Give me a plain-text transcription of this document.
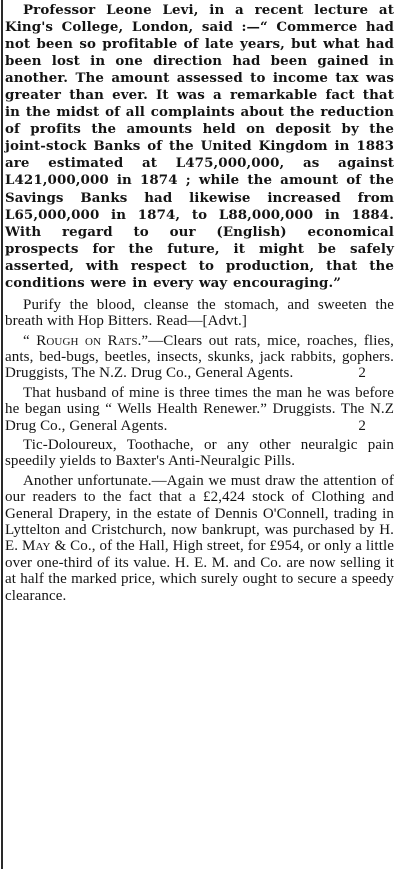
Professor Leone Levi, in a recent lecture at King's College, London, said :—“ Commerce had not been so profitable of late years, but what had been lost in one direction had been gained in another. The amount assessed to income tax was greater than ever. It was a remarkable fact that in the midst of all complaints about the reduction of profits the amounts held on deposit by the joint-stock Banks of the United Kingdom in 1883 are estimated at L475,000,000, as against L421,000,000 in 1874 ; while the amount of the Savings Banks had likewise increased from L65,000,000 in 1874, to L88,000,000 in 1884. With regard to our (English) economical prospects for the future, it might be safely asserted, with respect to production, that the conditions were in every way encouraging.”

Purify the blood, cleanse the stomach, and sweeten the breath with Hop Bitters. Read—[Advt.]

“ Rough on Rats.”—Clears out rats, mice, roaches, flies, ants, bed-bugs, beetles, insects, skunks, jack rabbits, gophers. Druggists, The N.Z. Drug Co., General Agents.	2

That husband of mine is three times the man he was before he began using “ Wells Health Renewer.” Druggists. The N.Z Drug Co., General Agents.	2

Tic-Doloureux, Toothache, or any other neuralgic pain speedily yields to Baxter's Anti-Neuralgic Pills.

Another unfortunate.—Again we must draw the attention of our readers to the fact that a £2,424 stock of Clothing and General Drapery, in the estate of Dennis O'Connell, trading in Lyttelton and Cristchurch, now bankrupt, was purchased by H. E. May & Co., of the Hall, High street, for £954, or only a little over one-third of its value. H. E. M. and Co. are now selling it at half the marked price, which surely ought to secure a speedy clearance.
